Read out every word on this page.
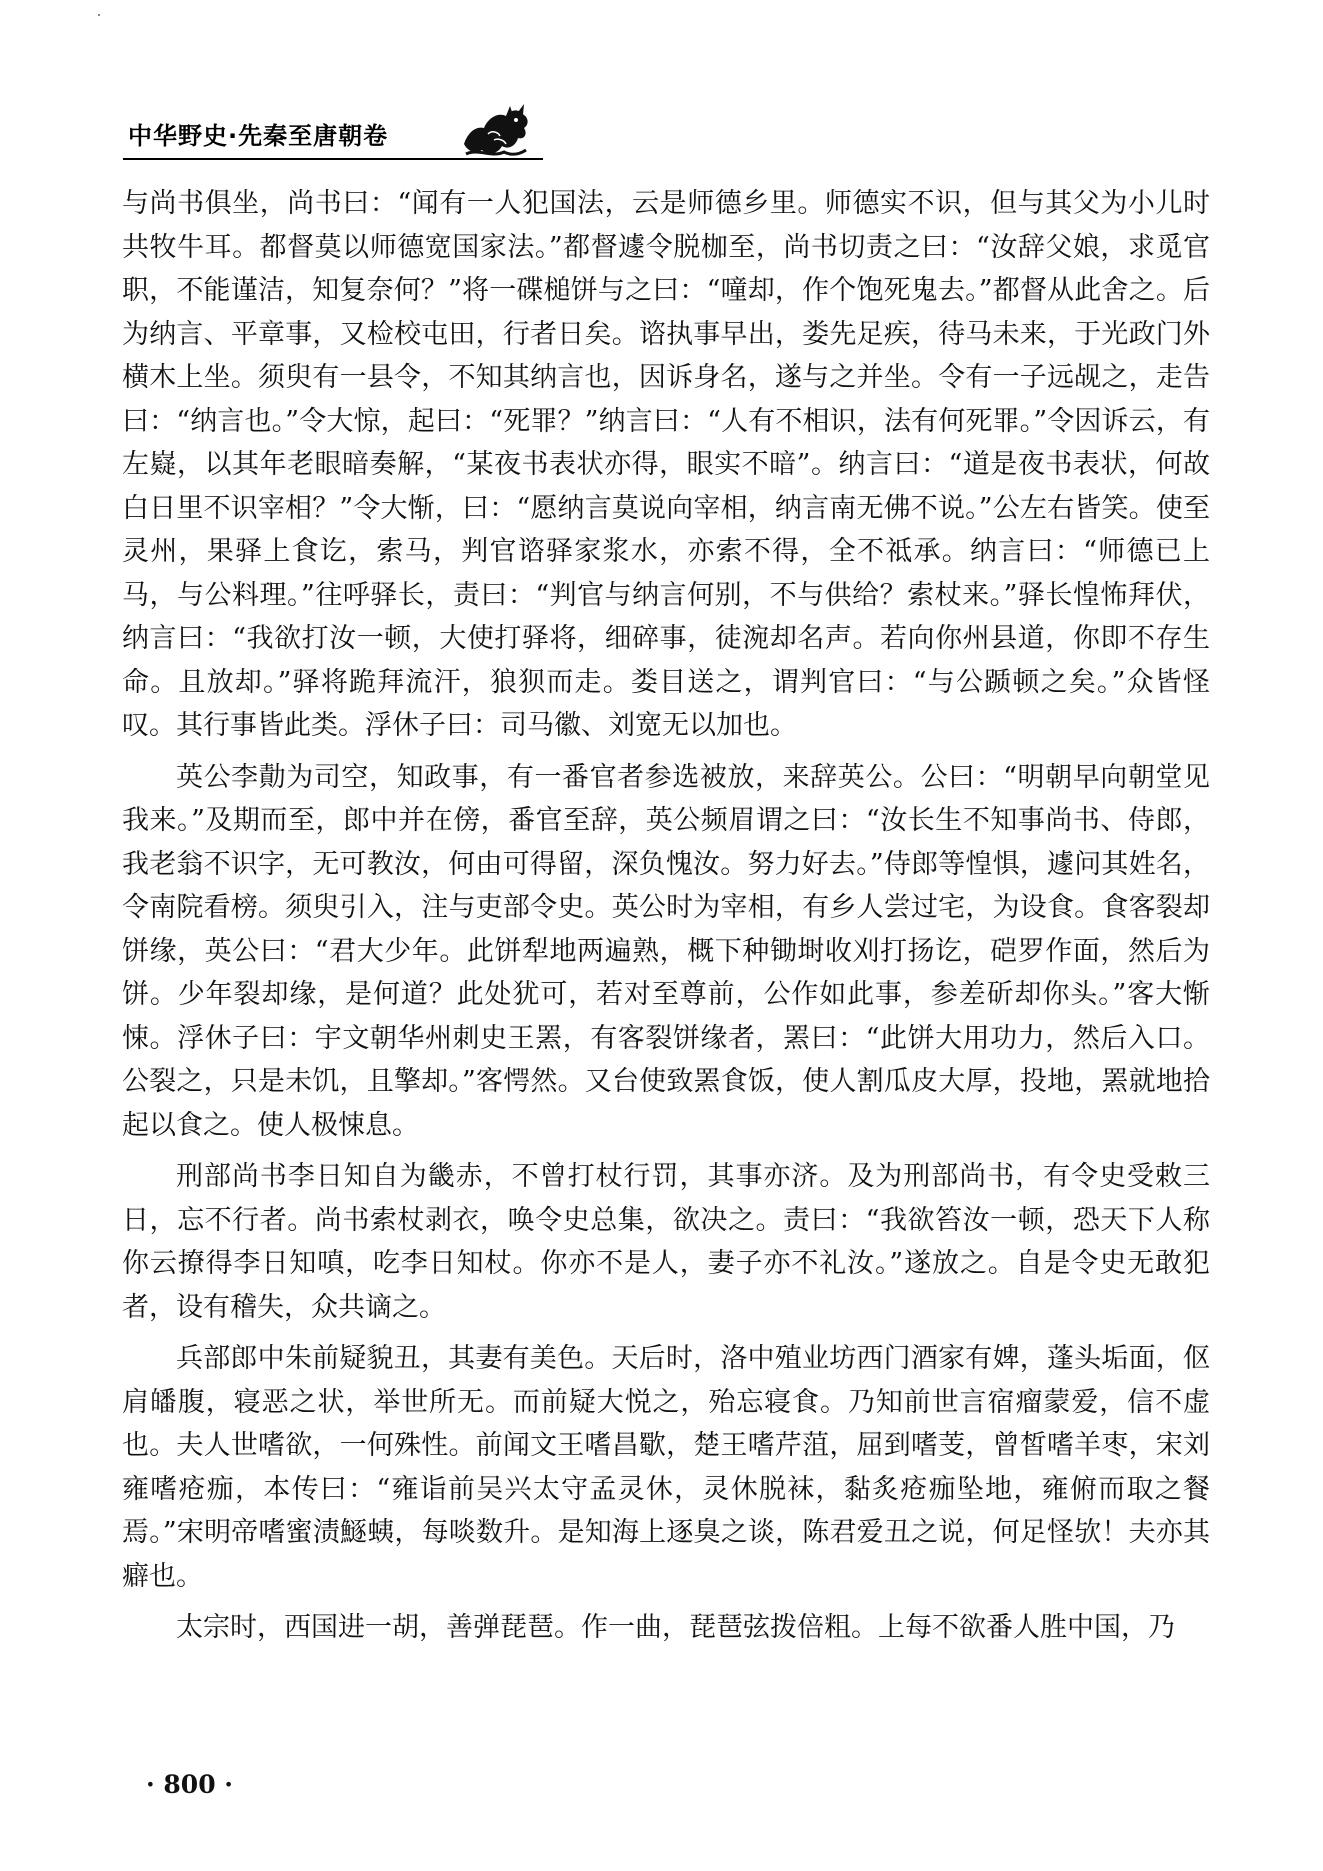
中华野史·先秦至唐朝卷

与尚书俱坐，尚书曰：“闻有一人犯国法，云是师德乡里。师德实不识，但与其父为小儿时共牧牛耳。都督莫以师德宽国家法。”都督遽令脱枷至，尚书切责之曰：“汝辞父娘，求觅官职，不能谨洁，知复奈何？”将一碟槌饼与之曰：“噇却，作个饱死鬼去。”都督从此舍之。后为纳言、平章事，又检校屯田，行者日矣。谘执事早出，娄先足疾，待马未来，于光政门外横木上坐。须臾有一县令，不知其纳言也，因诉身名，遂与之并坐。令有一子远觇之，走告曰：“纳言也。”令大惊，起曰：“死罪？”纳言曰：“人有不相识，法有何死罪。”令因诉云，有左嶷，以其年老眼暗奏解，“某夜书表状亦得，眼实不暗”。纳言曰：“道是夜书表状，何故白日里不识宰相？”令大惭，曰：“愿纳言莫说向宰相，纳言南无佛不说。”公左右皆笑。使至灵州，果驿上食讫，索马，判官谘驿家浆水，亦索不得，全不祗承。纳言曰：“师德已上马，与公料理。”往呼驿长，责曰：“判官与纳言何别，不与供给？索杖来。”驿长惶怖拜伏，纳言曰：“我欲打汝一顿，大使打驿将，细碎事，徒涴却名声。若向你州县道，你即不存生命。且放却。”驿将跪拜流汗，狼狈而走。娄目送之，谓判官曰：“与公踬顿之矣。”众皆怪叹。其行事皆此类。浮休子曰：司马徽、刘宽无以加也。

英公李勣为司空，知政事，有一番官者参选被放，来辞英公。公曰：“明朝早向朝堂见我来。”及期而至，郎中并在傍，番官至辞，英公频眉谓之曰：“汝长生不知事尚书、侍郎，我老翁不识字，无可教汝，何由可得留，深负愧汝。努力好去。”侍郎等惶惧，遽问其姓名，令南院看榜。须臾引入，注与吏部令史。英公时为宰相，有乡人尝过宅，为设食。食客裂却饼缘，英公曰：“君大少年。此饼犁地两遍熟，概下种锄埘收刈打扬讫，硙罗作面，然后为饼。少年裂却缘，是何道？此处犹可，若对至尊前，公作如此事，参差斫却你头。”客大惭悚。浮休子曰：宇文朝华州刺史王罴，有客裂饼缘者，罴曰：“此饼大用功力，然后入口。公裂之，只是未饥，且擎却。”客愕然。又台使致罴食饭，使人割瓜皮大厚，投地，罴就地拾起以食之。使人极悚息。

刑部尚书李日知自为畿赤，不曾打杖行罚，其事亦济。及为刑部尚书，有令史受敕三日，忘不行者。尚书索杖剥衣，唤令史总集，欲决之。责曰：“我欲笞汝一顿，恐天下人称你云撩得李日知嗔，吃李日知杖。你亦不是人，妻子亦不礼汝。”遂放之。自是令史无敢犯者，设有稽失，众共谪之。

兵部郎中朱前疑貌丑，其妻有美色。天后时，洛中殖业坊西门酒家有婢，蓬头垢面，伛肩皤腹，寝恶之状，举世所无。而前疑大悦之，殆忘寝食。乃知前世言宿瘤蒙爱，信不虚也。夫人世嗜欲，一何殊性。前闻文王嗜昌歜，楚王嗜芹菹，屈到嗜芰，曾皙嗜羊枣，宋刘雍嗜疮痂，本传曰：“雍诣前吴兴太守孟灵休，灵休脱袜，黏炙疮痂坠地，雍俯而取之餐焉。”宋明帝嗜蜜渍鱁蛦，每啖数升。是知海上逐臭之谈，陈君爱丑之说，何足怪欤！夫亦其癖也。

太宗时，西国进一胡，善弹琵琶。作一曲，琵琶弦拨倍粗。上每不欲番人胜中国，乃

· 800 ·
